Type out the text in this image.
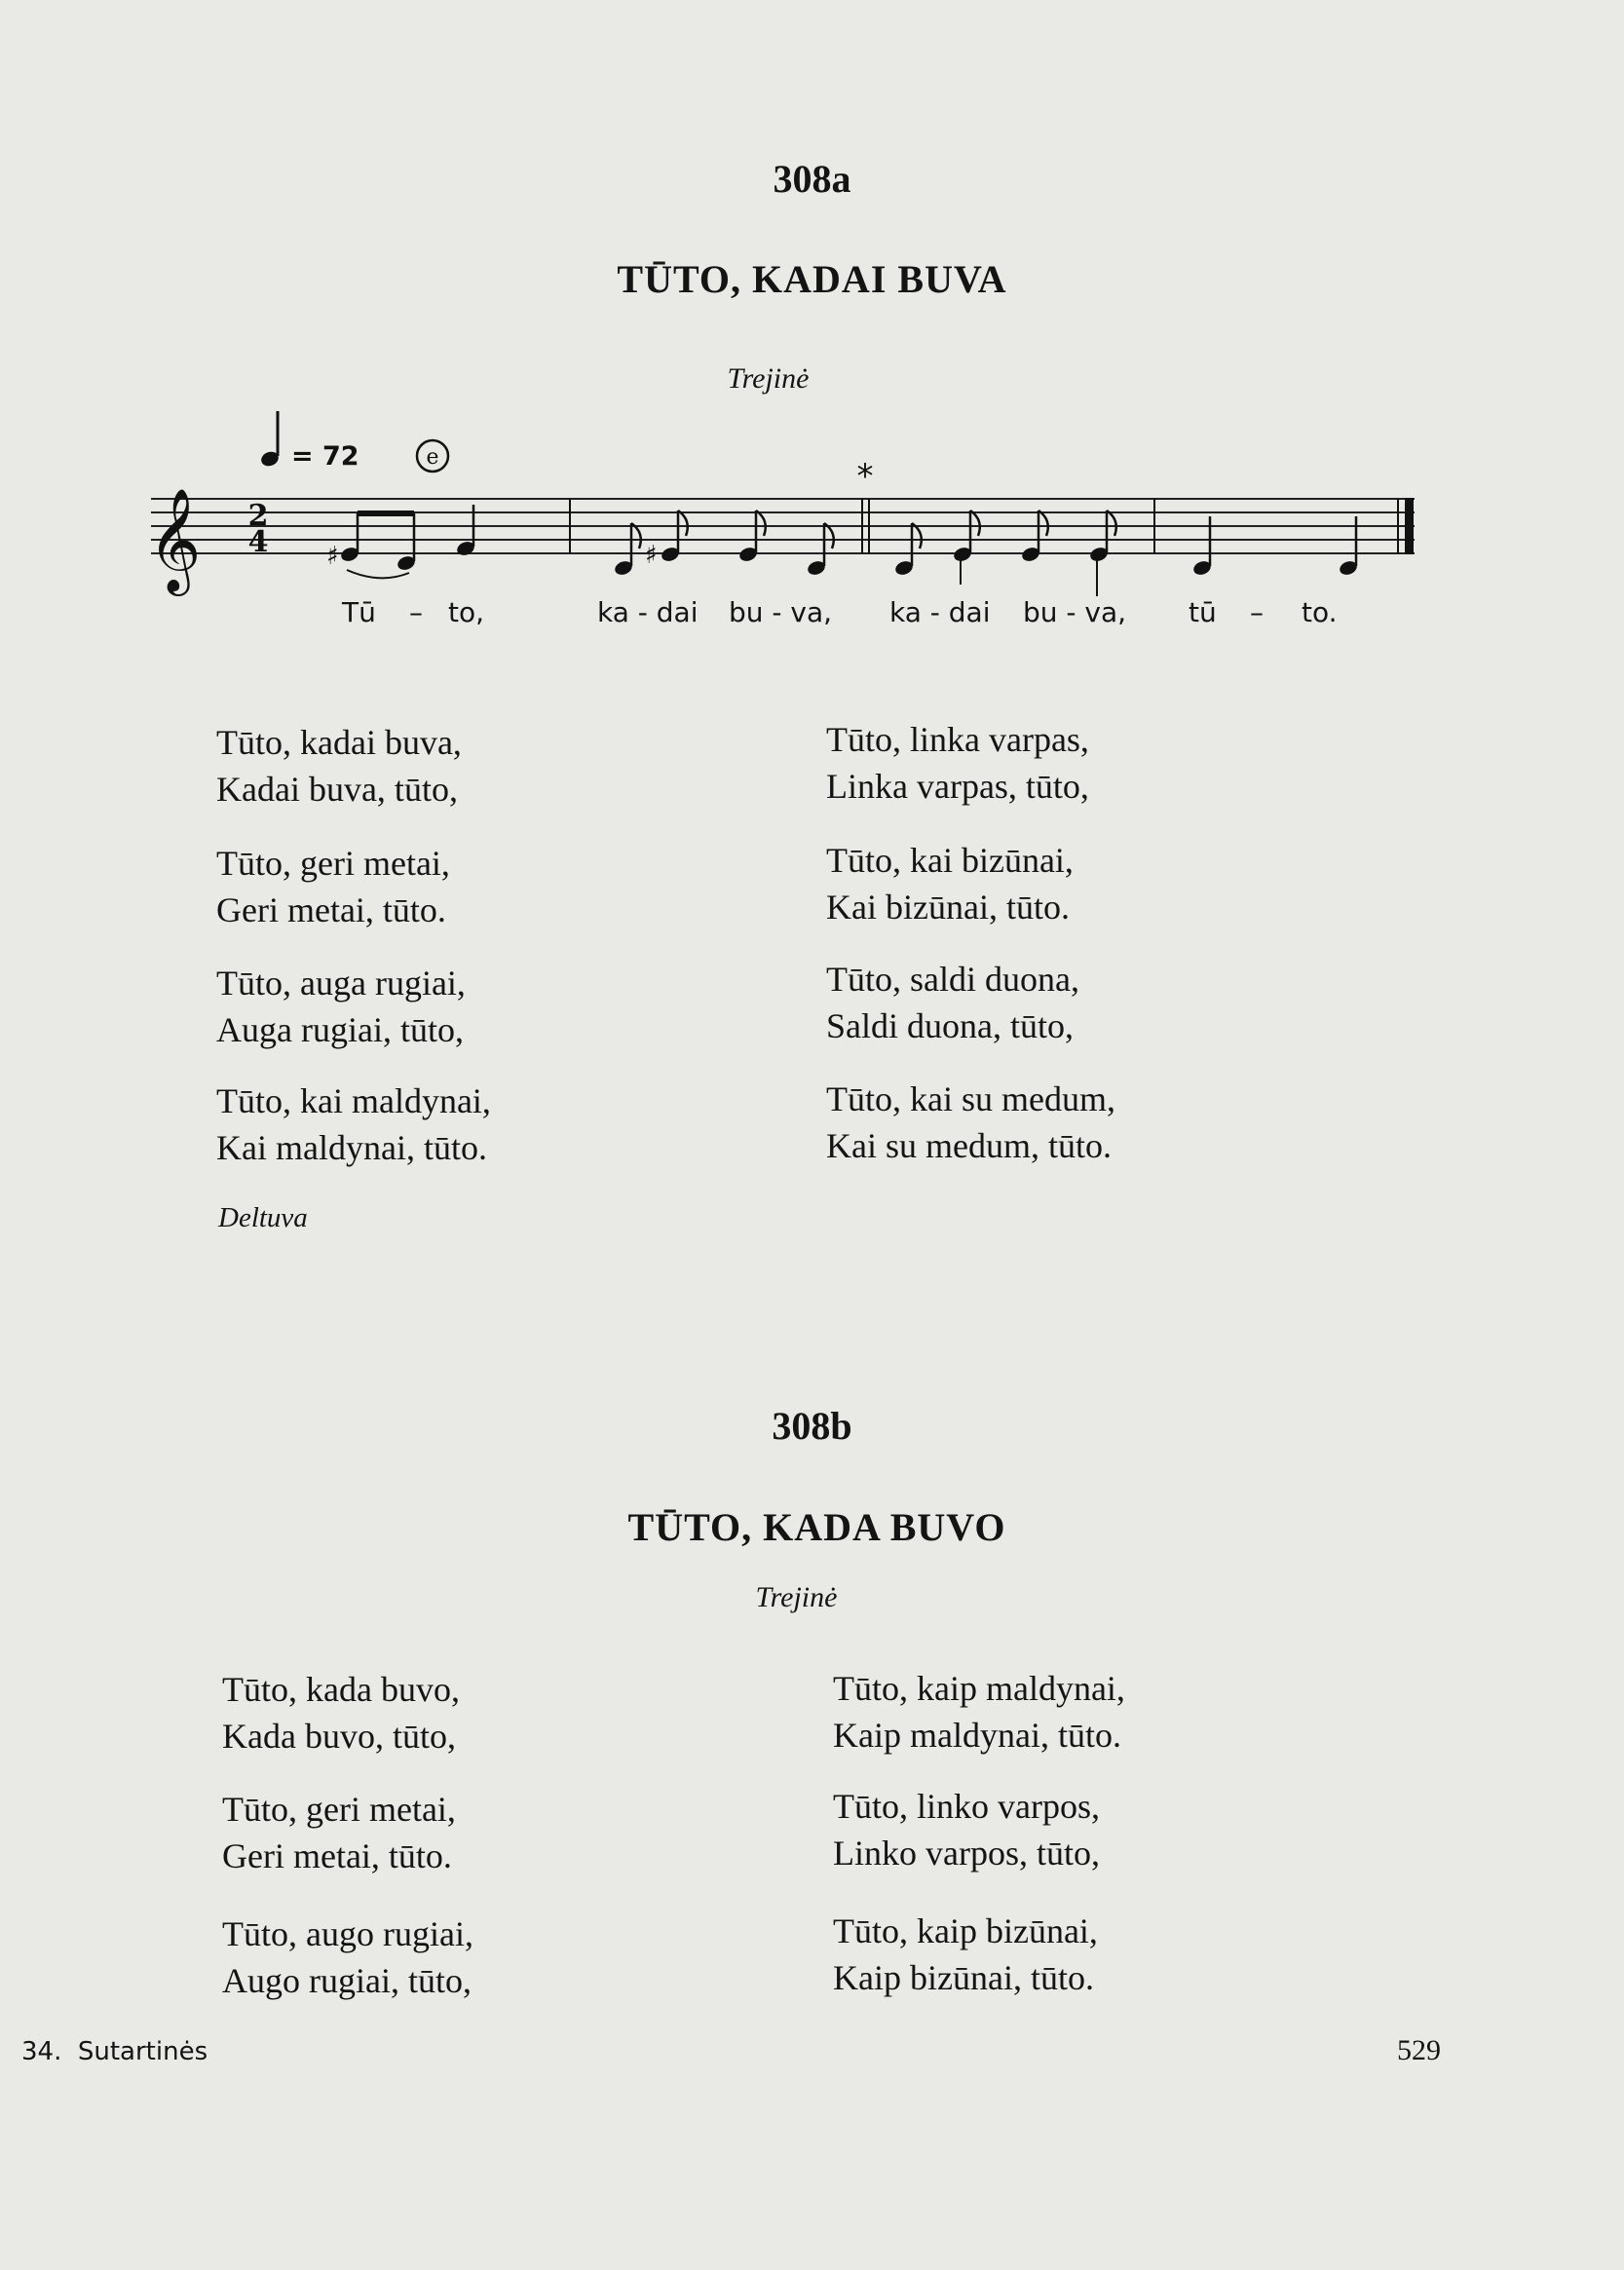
308a
TŪTO, KADAI BUVA
Trejinė
= 72	e	*
𝄞 2
4 ♯	♯
Tū – to,	ka - dai bu - va, ka - dai bu - va, tū – to.
Tūto, kadai buva,
Kadai buva, tūto,
Tūto, geri metai,
Geri metai, tūto.
Tūto, auga rugiai,
Auga rugiai, tūto,
Tūto, kai maldynai,
Kai maldynai, tūto.
Tūto, linka varpas,
Linka varpas, tūto,
Tūto, kai bizūnai,
Kai bizūnai, tūto.
Tūto, saldi duona,
Saldi duona, tūto,
Tūto, kai su medum,
Kai su medum, tūto.
Deltuva
308b
TŪTO, KADA BUVO
Trejinė
Tūto, kada buvo,
Kada buvo, tūto,
Tūto, geri metai,
Geri metai, tūto.
Tūto, augo rugiai,
Augo rugiai, tūto,
Tūto, kaip maldynai,
Kaip maldynai, tūto.
Tūto, linko varpos,
Linko varpos, tūto,
Tūto, kaip bizūnai,
Kaip bizūnai, tūto.
34.  Sutartinės	529
